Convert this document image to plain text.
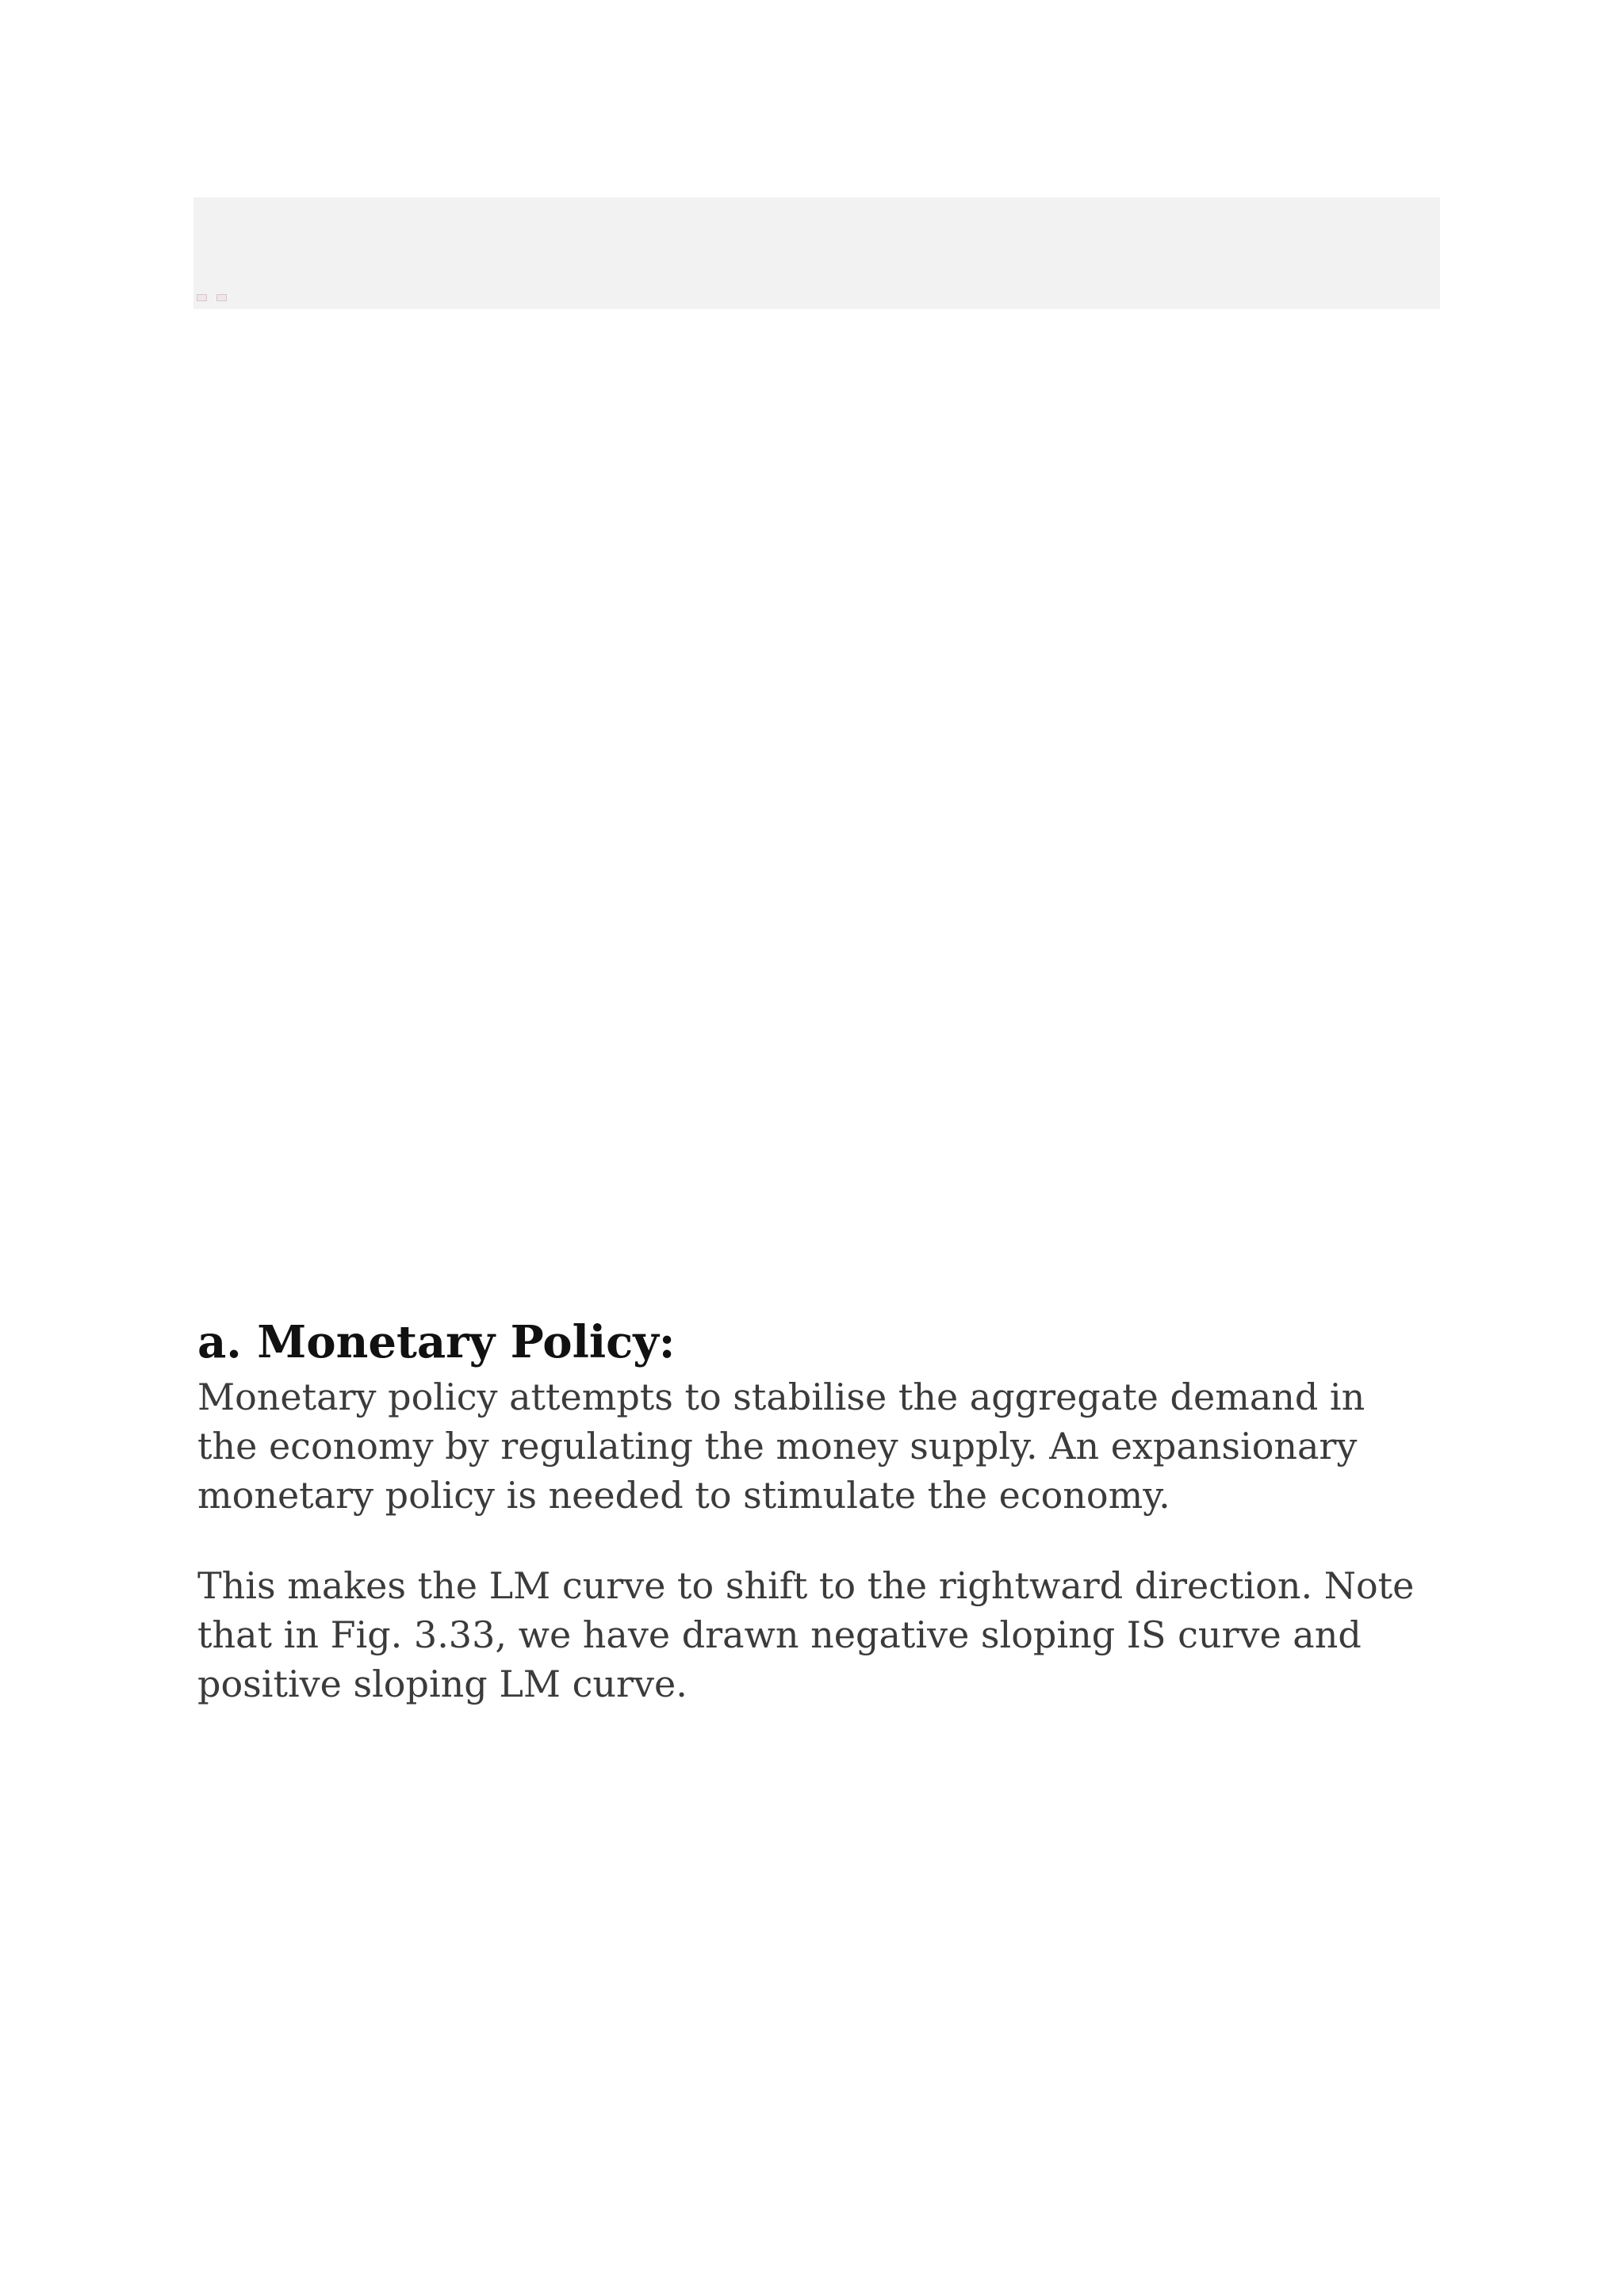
a. Monetary Policy:

Monetary policy attempts to stabilise the aggregate demand in the economy by regulating the money supply. An expansionary monetary policy is needed to stimulate the economy.

This makes the LM curve to shift to the rightward direction. Note that in Fig. 3.33, we have drawn negative sloping IS curve and positive sloping LM curve.
